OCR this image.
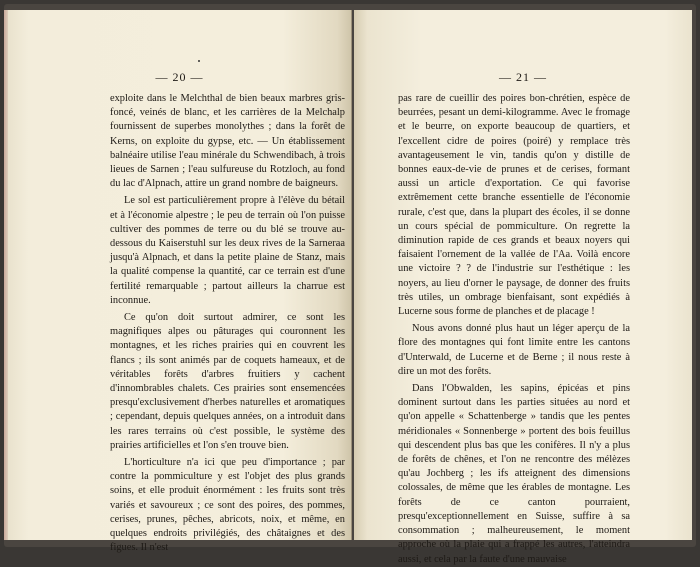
— 20 —

exploite dans le Melchthal de bien beaux marbres gris-foncé, veinés de blanc, et les carrières de la Melchalp fournissent de superbes monolythes ; dans la forêt de Kerns, on exploite du gypse, etc. — Un établissement balnéaire utilise l'eau minérale du Schwendibach, à trois lieues de Sarnen ; l'eau sulfureuse du Rotzloch, au fond du lac d'Alpnach, attire un grand nombre de baigneurs.

Le sol est particulièrement propre à l'élève du bétail et à l'économie alpestre ; le peu de terrain où l'on puisse cultiver des pommes de terre ou du blé se trouve au-dessous du Kaiserstuhl sur les deux rives de la Sarneraa jusqu'à Alpnach, et dans la petite plaine de Stanz, mais la qualité compense la quantité, car ce terrain est d'une fertilité remarquable ; partout ailleurs la charrue est inconnue.

Ce qu'on doit surtout admirer, ce sont les magnifiques alpes ou pâturages qui couronnent les montagnes, et les riches prairies qui en couvrent les flancs ; ils sont animés par de coquets hameaux, et de véritables forêts d'arbres fruitiers y cachent d'innombrables chalets. Ces prairies sont ensemencées presqu'exclusivement d'herbes naturelles et aromatiques ; cependant, depuis quelques années, on a introduit dans les rares terrains où c'est possible, le système des prairies artificielles et l'on s'en trouve bien.

L'horticulture n'a ici que peu d'importance ; par contre la pommiculture y est l'objet des plus grands soins, et elle produit énormément : les fruits sont très variés et savoureux ; ce sont des poires, des pommes, cerises, prunes, pêches, abricots, noix, et même, en quelques endroits privilégiés, des châtaignes et des figues. Il n'est

— 21 —

pas rare de cueillir des poires bon-chrétien, espèce de beurrées, pesant un demi-kilogramme. Avec le fromage et le beurre, on exporte beaucoup de quartiers, et l'excellent cidre de poires (poiré) y remplace très avantageusement le vin, tandis qu'on y distille de bonnes eaux-de-vie de prunes et de cerises, formant aussi un article d'exportation. Ce qui favorise extrêmement cette branche essentielle de l'économie rurale, c'est que, dans la plupart des écoles, il se donne un cours spécial de pommiculture. On regrette la diminution rapide de ces grands et beaux noyers qui faisaient l'ornement de la vallée de l'Aa. Voilà encore une victoire ? ? de l'industrie sur l'esthétique : les noyers, au lieu d'orner le paysage, de donner des fruits très utiles, un ombrage bienfaisant, sont expédiés à Lucerne sous forme de planches et de placage !

Nous avons donné plus haut un léger aperçu de la flore des montagnes qui font limite entre les cantons d'Unterwald, de Lucerne et de Berne ; il nous reste à dire un mot des forêts.

Dans l'Obwalden, les sapins, épicéas et pins dominent surtout dans les parties situées au nord et qu'on appelle « Schattenberge » tandis que les pentes méridionales « Sonnenberge » portent des bois feuillus qui descendent plus bas que les conifères. Il n'y a plus de forêts de chênes, et l'on ne rencontre des mélèzes qu'au Jochberg ; les ifs atteignent des dimensions colossales, de même que les érables de montagne. Les forêts de ce canton pourraient, presqu'exceptionnellement en Suisse, suffire à sa consommation ; malheureusement, le moment approche où la plaie qui a frappé les autres, l'atteindra aussi, et cela par la faute d'une mauvaise
